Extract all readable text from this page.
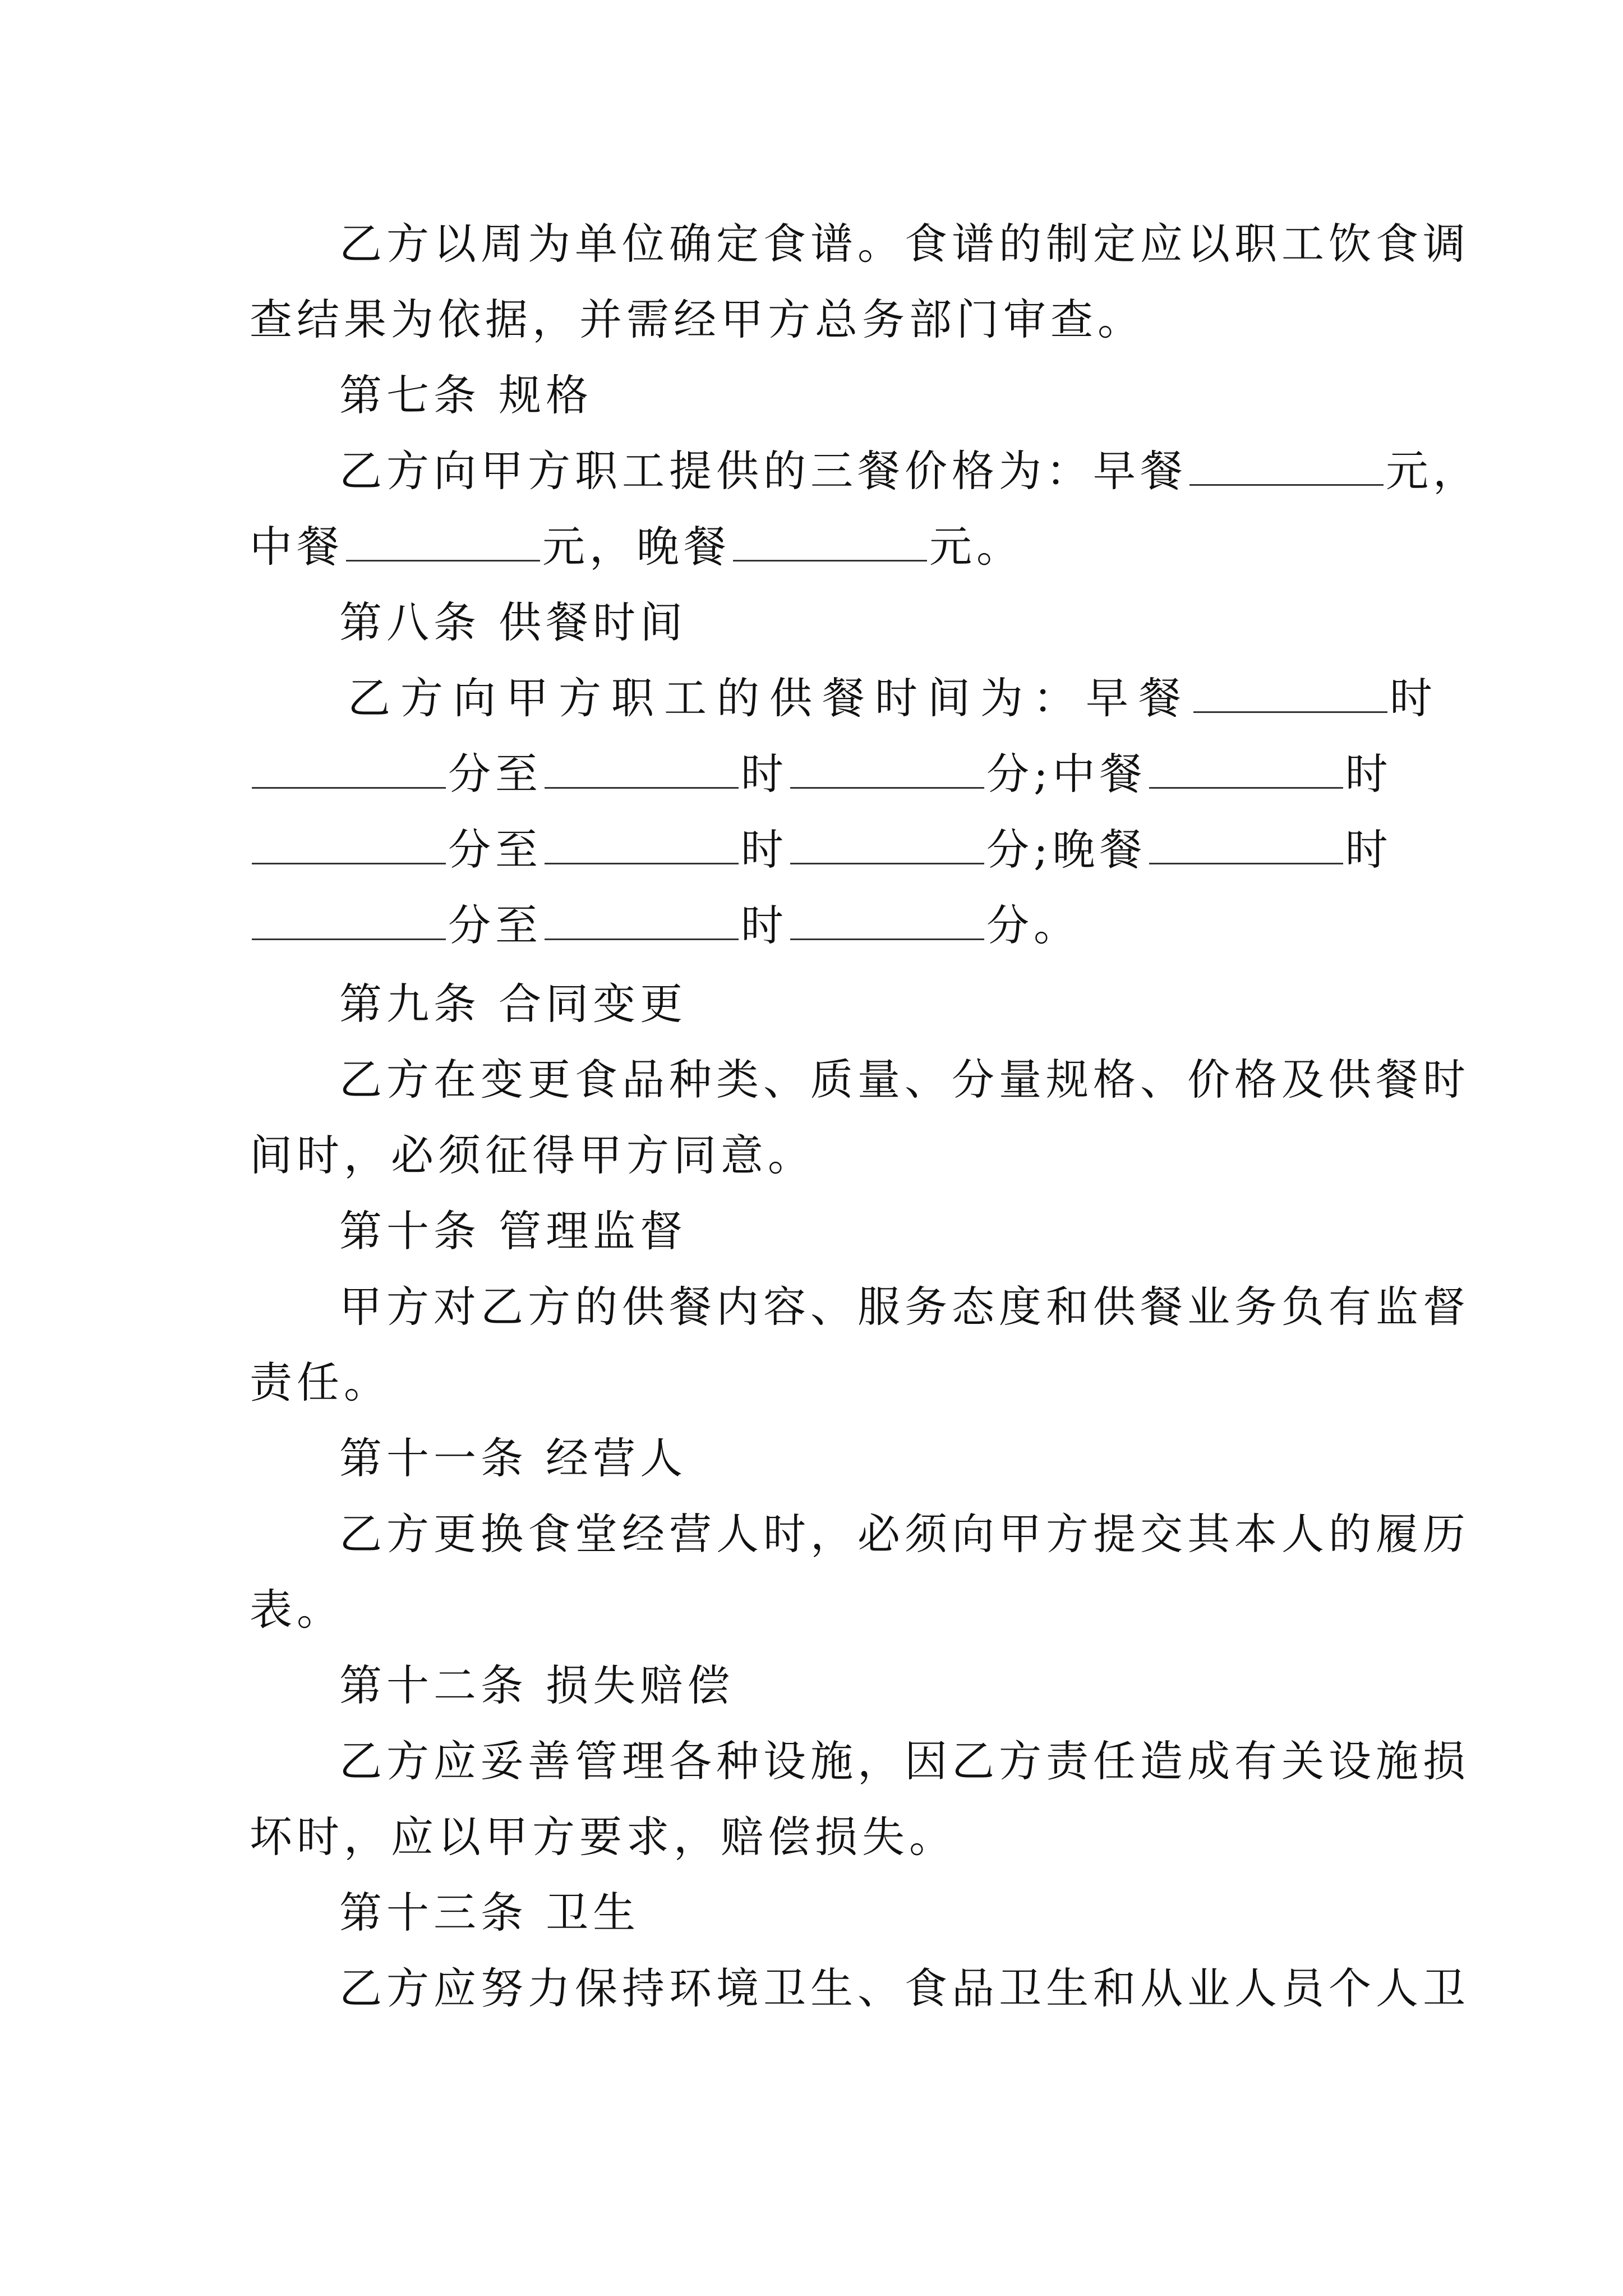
乙方以周为单位确定食谱。食谱的制定应以职工饮食调
查结果为依据，并需经甲方总务部门审查。
第七条 规格
乙方向甲方职工提供的三餐价格为：早餐	元，
中餐	元，晚餐	元。
第八条 供餐时间
乙方向甲方职工的供餐时间为：早餐	时
分至	时	分;中餐	时
分至	时	分;晚餐	时
分至	时	分。
第九条 合同变更
乙方在变更食品种类、质量、分量规格、价格及供餐时
间时，必须征得甲方同意。
第十条 管理监督
甲方对乙方的供餐内容、服务态度和供餐业务负有监督
责任。
第十一条 经营人
乙方更换食堂经营人时，必须向甲方提交其本人的履历
表。
第十二条 损失赔偿
乙方应妥善管理各种设施，因乙方责任造成有关设施损
坏时，应以甲方要求，赔偿损失。
第十三条 卫生
乙方应努力保持环境卫生、食品卫生和从业人员个人卫
